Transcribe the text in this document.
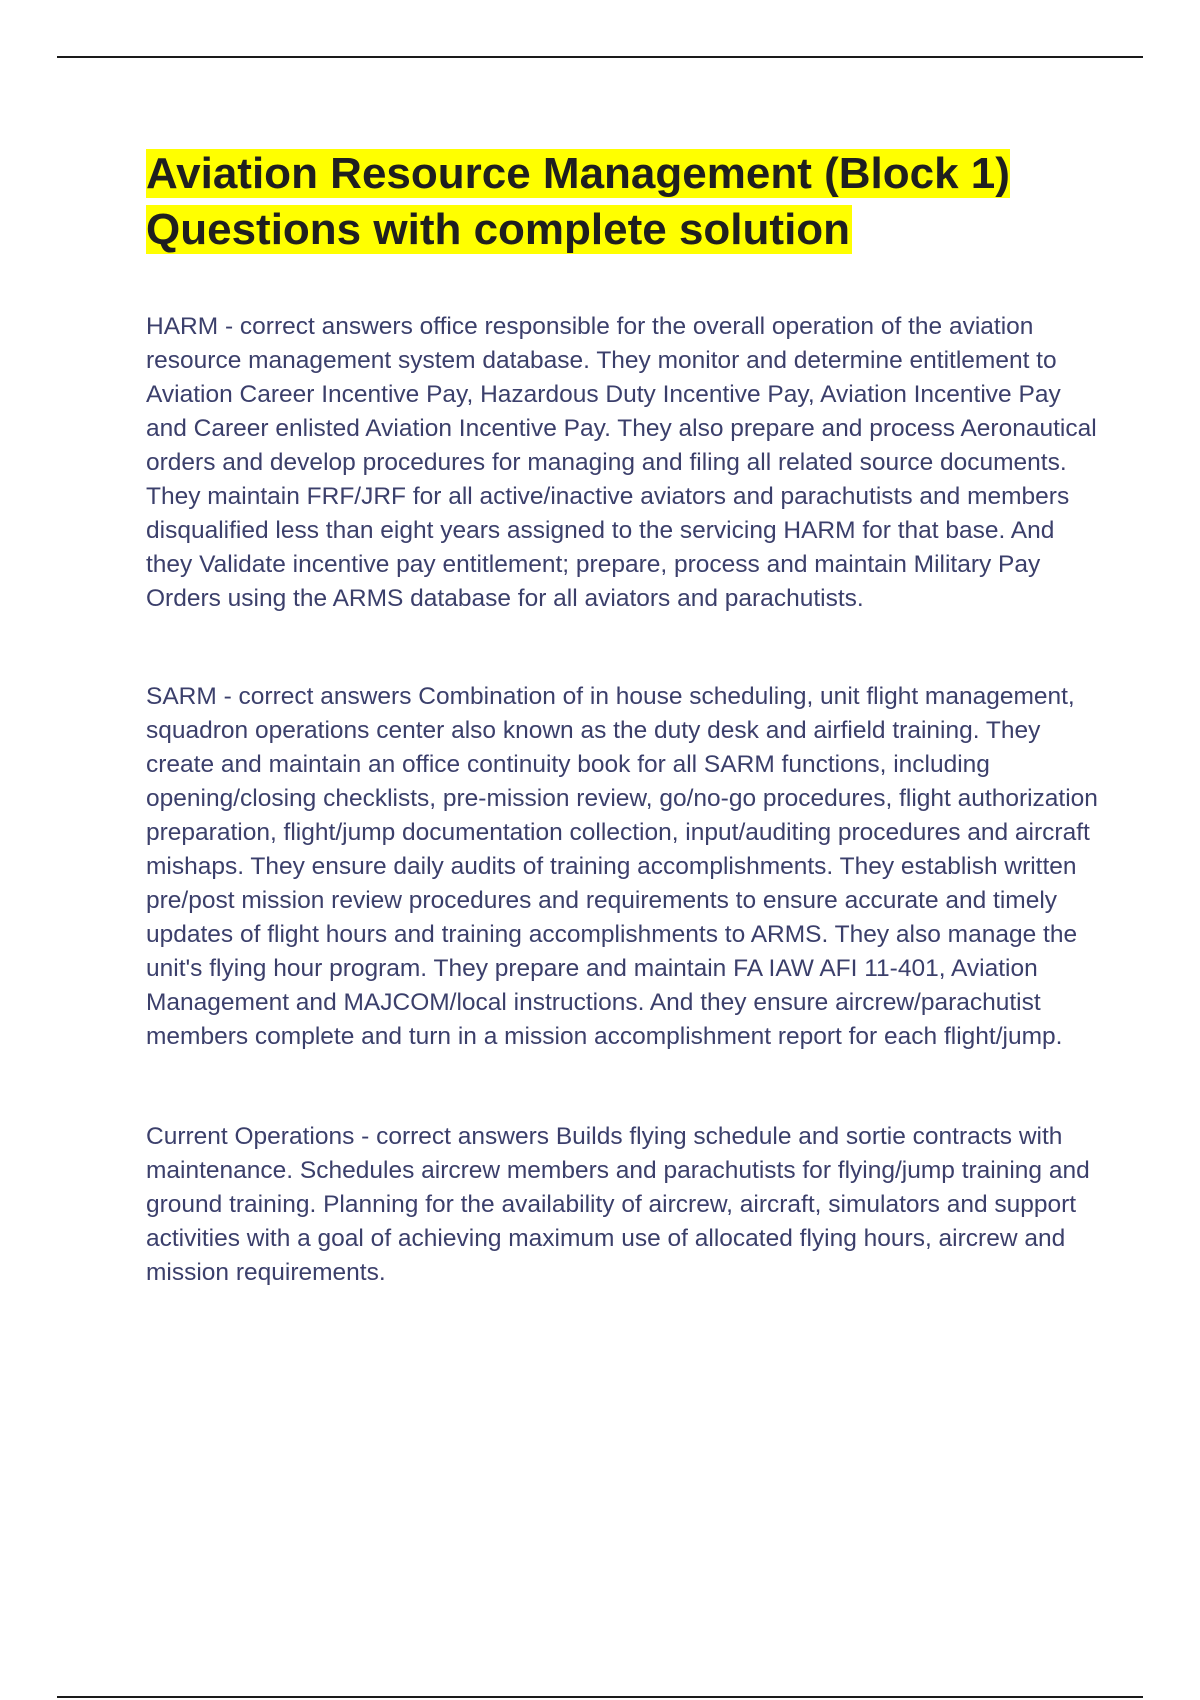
Aviation Resource Management (Block 1) Questions with complete solution

HARM - correct answers office responsible for the overall operation of the aviation resource management system database. They monitor and determine entitlement to Aviation Career Incentive Pay, Hazardous Duty Incentive Pay, Aviation Incentive Pay and Career enlisted Aviation Incentive Pay. They also prepare and process Aeronautical orders and develop procedures for managing and filing all related source documents. They maintain FRF/JRF for all active/inactive aviators and parachutists and members disqualified less than eight years assigned to the servicing HARM for that base. And they Validate incentive pay entitlement; prepare, process and maintain Military Pay Orders using the ARMS database for all aviators and parachutists.

SARM - correct answers Combination of in house scheduling, unit flight management, squadron operations center also known as the duty desk and airfield training. They create and maintain an office continuity book for all SARM functions, including opening/closing checklists, pre-mission review, go/no-go procedures, flight authorization preparation, flight/jump documentation collection, input/auditing procedures and aircraft mishaps. They ensure daily audits of training accomplishments. They establish written pre/post mission review procedures and requirements to ensure accurate and timely updates of flight hours and training accomplishments to ARMS. They also manage the unit's flying hour program. They prepare and maintain FA IAW AFI 11-401, Aviation Management and MAJCOM/local instructions. And they ensure aircrew/parachutist members complete and turn in a mission accomplishment report for each flight/jump.

Current Operations - correct answers Builds flying schedule and sortie contracts with maintenance. Schedules aircrew members and parachutists for flying/jump training and ground training. Planning for the availability of aircrew, aircraft, simulators and support activities with a goal of achieving maximum use of allocated flying hours, aircrew and mission requirements.
